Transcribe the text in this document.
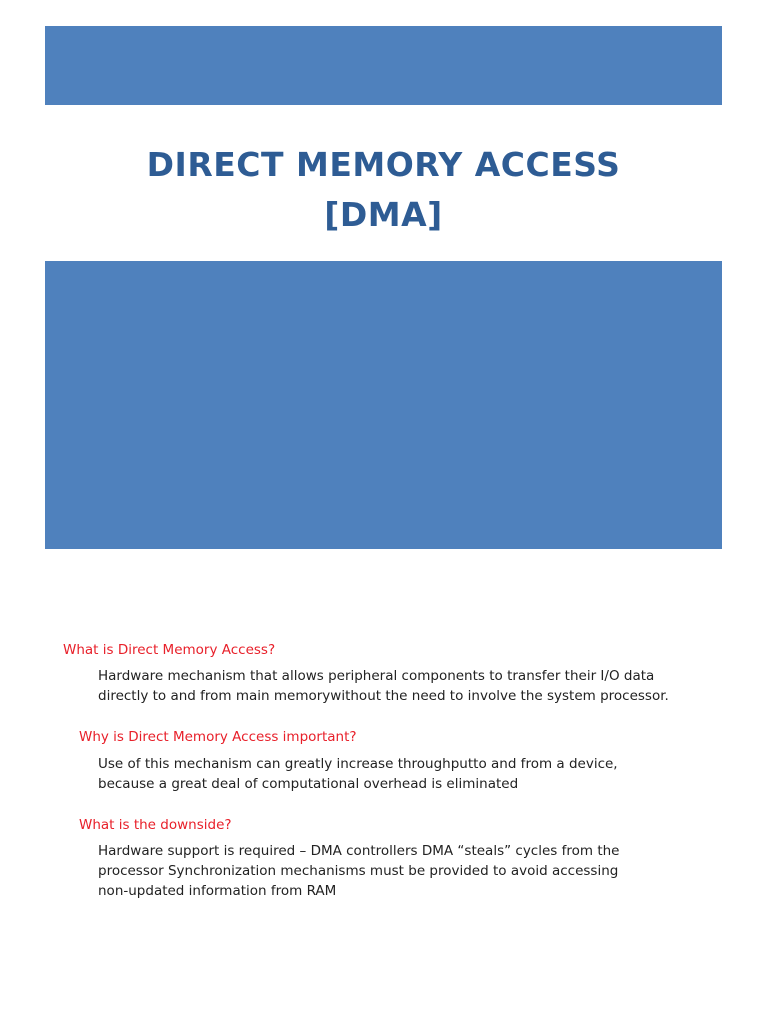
DIRECT MEMORY ACCESS
[DMA]
What is Direct Memory Access?

Hardware mechanism that allows peripheral components to transfer their I/O data
directly to and from main memorywithout the need to involve the system processor.

Why is Direct Memory Access important?

Use of this mechanism can greatly increase throughputto and from a device,
because a great deal of computational overhead is eliminated

What is the downside?

Hardware support is required – DMA controllers DMA “steals” cycles from the
processor Synchronization mechanisms must be provided to avoid accessing
non-updated information from RAM
